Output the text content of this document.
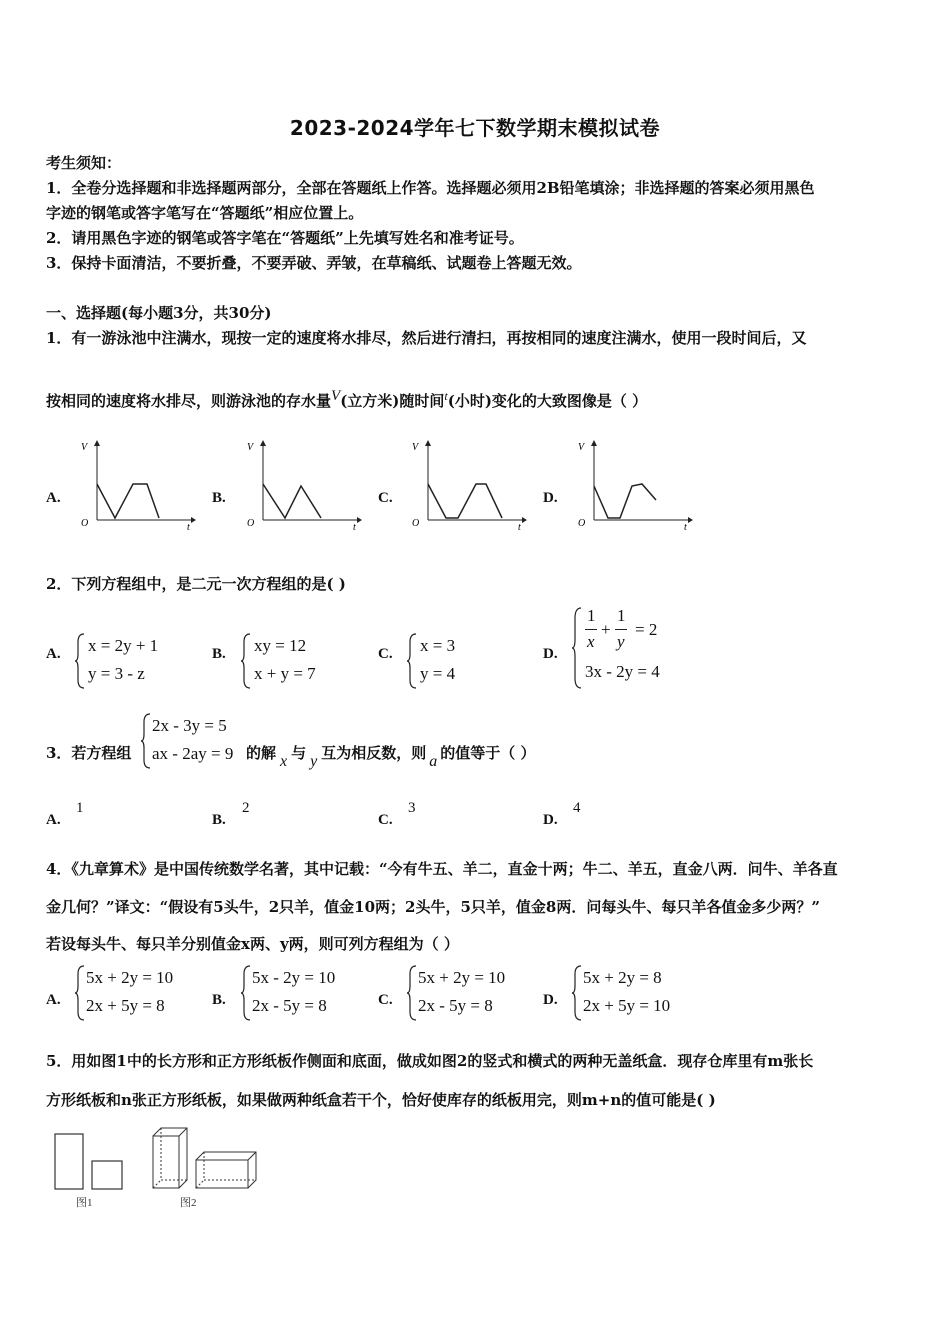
2023-2024学年七下数学期末模拟试卷
考生须知：
1．全卷分选择题和非选择题两部分，全部在答题纸上作答。选择题必须用2B铅笔填涂；非选择题的答案必须用黑色
字迹的钢笔或答字笔写在“答题纸”相应位置上。
2．请用黑色字迹的钢笔或答字笔在“答题纸”上先填写姓名和准考证号。
3．保持卡面清洁，不要折叠，不要弄破、弄皱，在草稿纸、试题卷上答题无效。
一、选择题(每小题3分，共30分)
1．有一游泳池中注满水，现按一定的速度将水排尽，然后进行清扫，再按相同的速度注满水，使用一段时间后，又
按相同的速度将水排尽，则游泳池的存水量V(立方米)随时间$^t$(小时)变化的大致图像是（ ）
A.	B.	C.	D.
V
O	t
V
O	t
V
O	t
V
O	t
2．下列方程组中，是二元一次方程组的是( )
A. x = 2y + 1
y = 3 - z
B. xy = 12
x + y = 7
C. x = 3
y = 4
D.
1
x
+
1
y
= 2
3x - 2y = 4
3．若方程组
2x - 3y = 5
ax - 2ay = 9 的解 x 与 y 互为相反数，则 a 的值等于（ ）
A.
1
B.
2
C.
3
D.
4
4．《九章算术》是中国传统数学名著，其中记载：“今有牛五、羊二，直金十两；牛二、羊五，直金八两．问牛、羊各直
金几何？”译文：“假设有5头牛，2只羊，值金10两；2头牛，5只羊，值金8两．问每头牛、每只羊各值金多少两？”
若设每头牛、每只羊分别值金x两、y两，则可列方程组为（ ）
A.
5x + 2y = 10
2x + 5y = 8	B.
5x - 2y = 10
2x - 5y = 8	C.
5x + 2y = 10
2x - 5y = 8	D.
5x + 2y = 8
2x + 5y = 10
5．用如图1中的长方形和正方形纸板作侧面和底面，做成如图2的竖式和横式的两种无盖纸盒．现存仓库里有m张长
方形纸板和n张正方形纸板，如果做两种纸盒若干个，恰好使库存的纸板用完，则m+n的值可能是( )
图1	图2
